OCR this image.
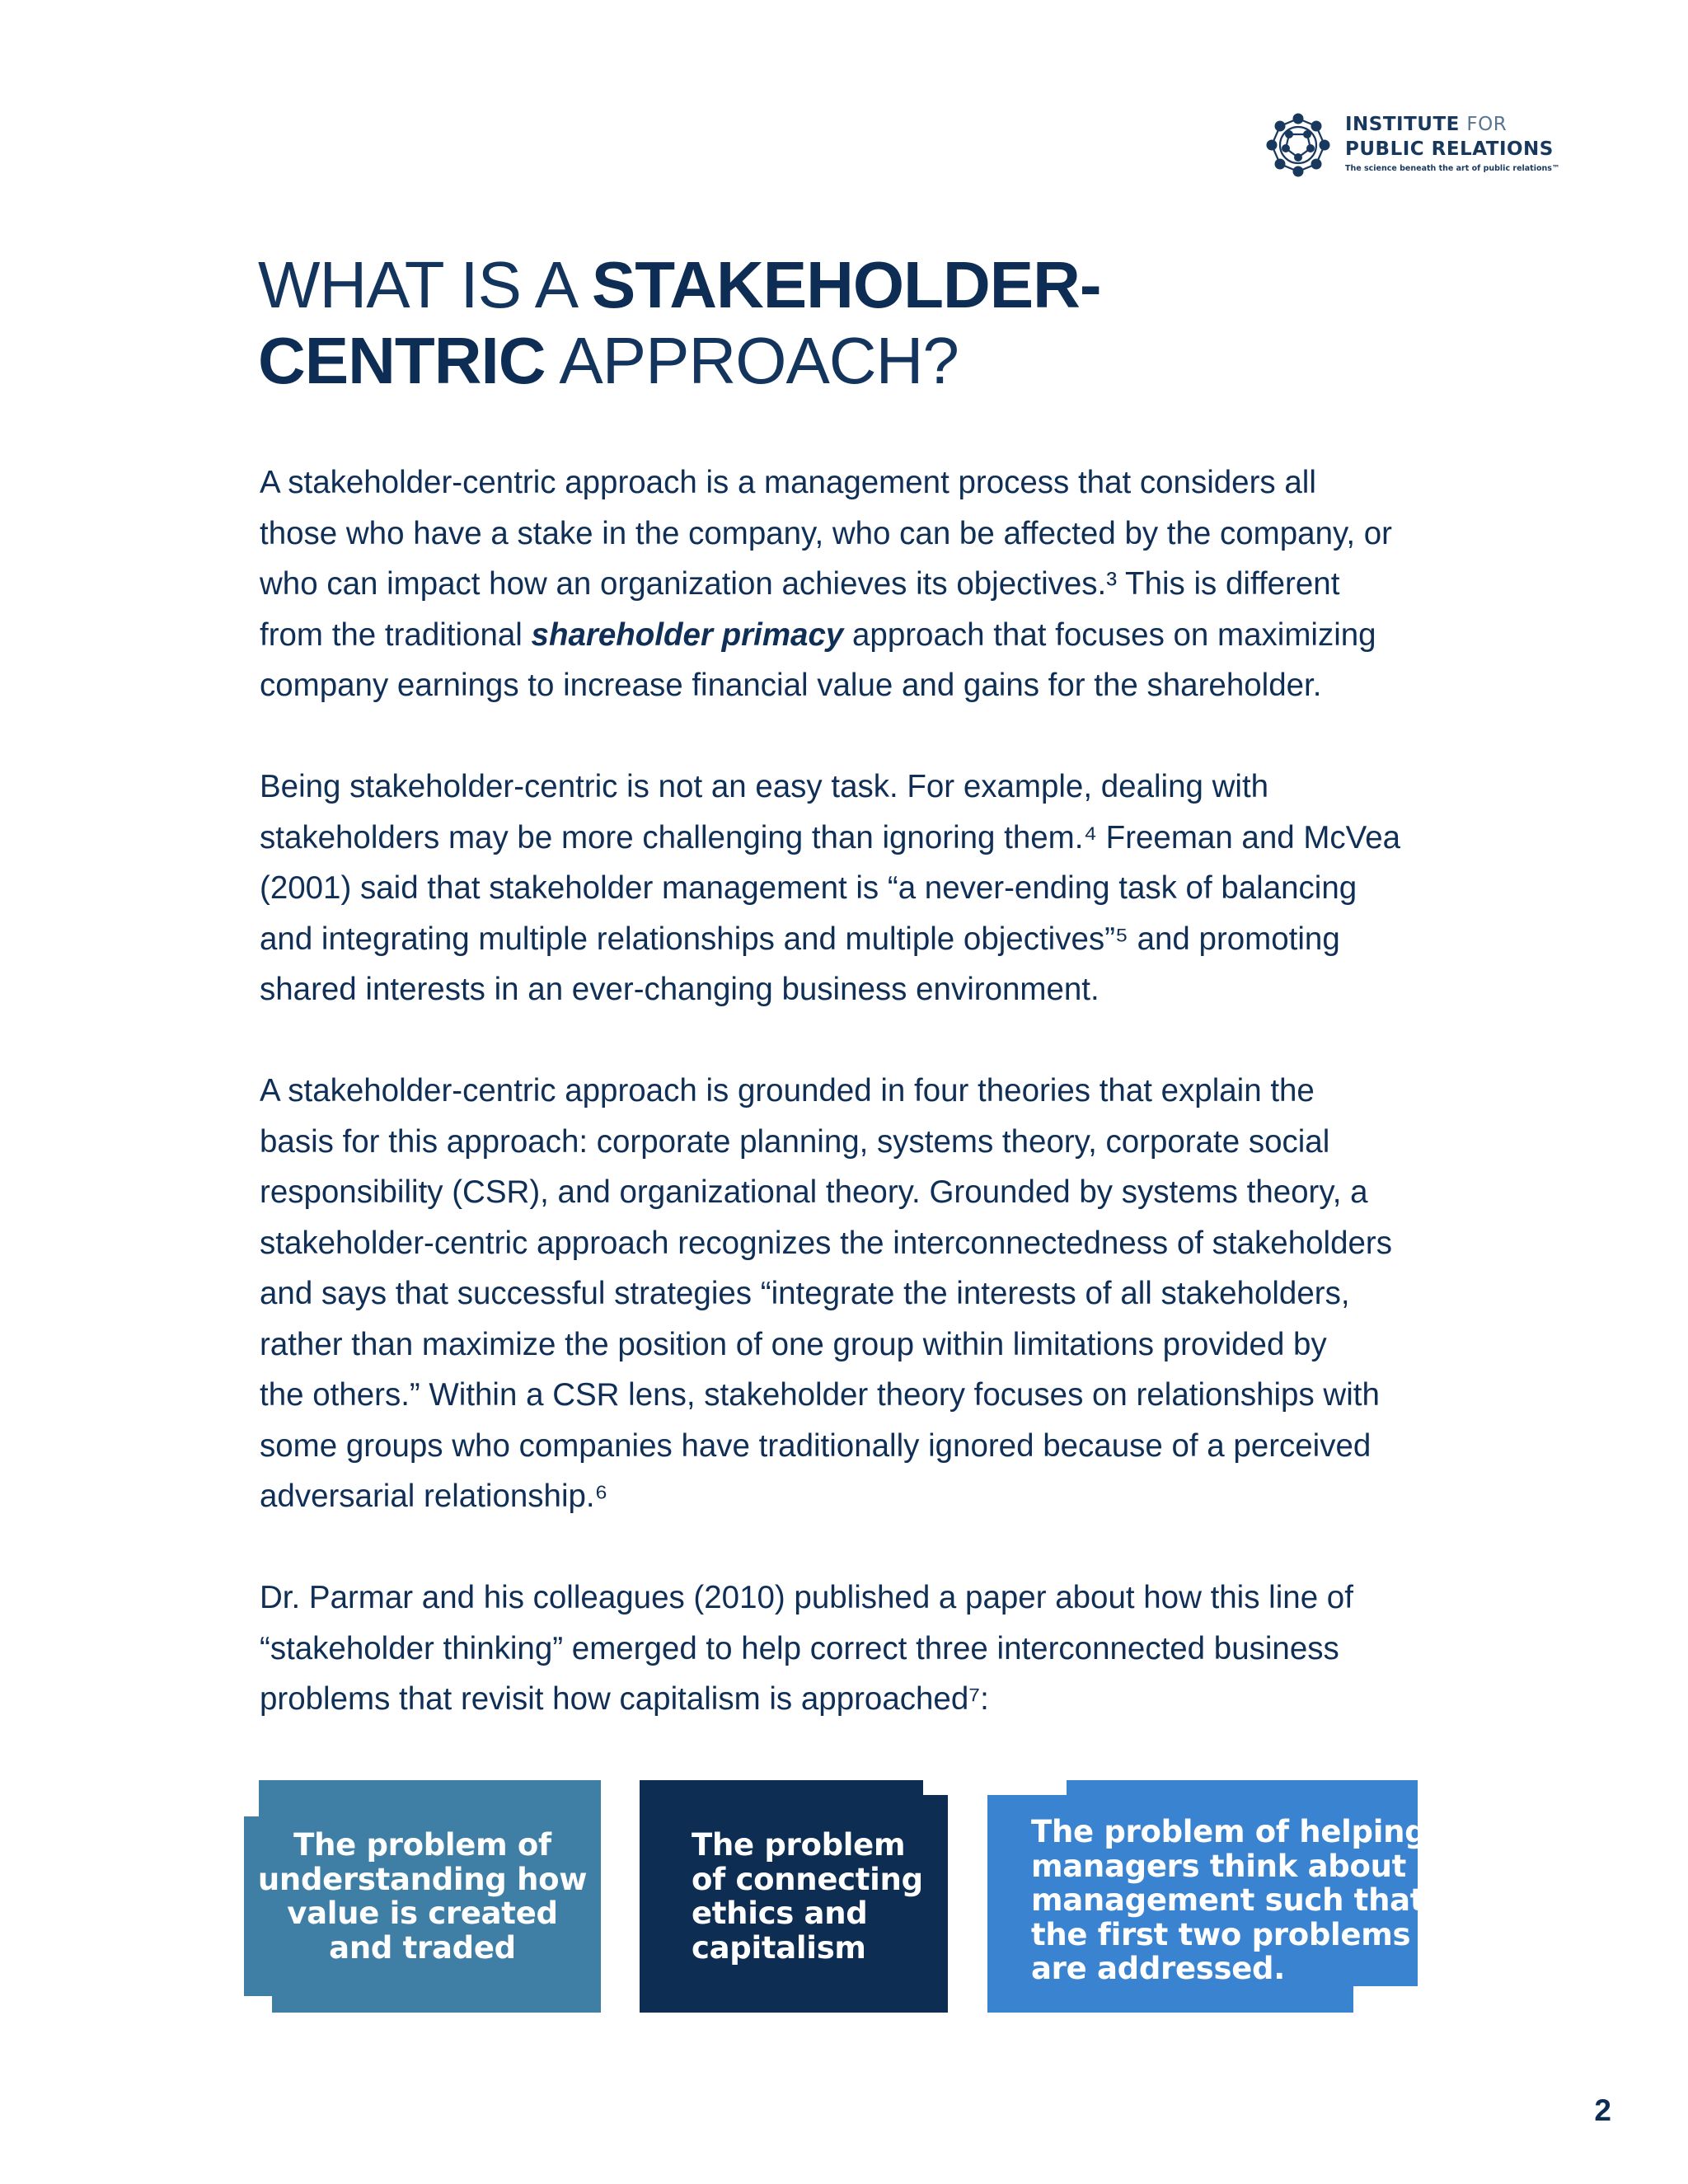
INSTITUTE FOR
PUBLIC RELATIONS
The science beneath the art of public relations™
WHAT IS A STAKEHOLDER-
CENTRIC APPROACH?

A stakeholder-centric approach is a management process that considers all
those who have a stake in the company, who can be affected by the company, or
who can impact how an organization achieves its objectives.³ This is different
from the traditional shareholder primacy approach that focuses on maximizing
company earnings to increase financial value and gains for the shareholder.

Being stakeholder-centric is not an easy task. For example, dealing with
stakeholders may be more challenging than ignoring them.⁴ Freeman and McVea
(2001) said that stakeholder management is “a never-ending task of balancing
and integrating multiple relationships and multiple objectives”⁵ and promoting
shared interests in an ever-changing business environment.

A stakeholder-centric approach is grounded in four theories that explain the
basis for this approach: corporate planning, systems theory, corporate social
responsibility (CSR), and organizational theory. Grounded by systems theory, a
stakeholder-centric approach recognizes the interconnectedness of stakeholders
and says that successful strategies “integrate the interests of all stakeholders,
rather than maximize the position of one group within limitations provided by
the others.” Within a CSR lens, stakeholder theory focuses on relationships with
some groups who companies have traditionally ignored because of a perceived
adversarial relationship.⁶

Dr. Parmar and his colleagues (2010) published a paper about how this line of
“stakeholder thinking” emerged to help correct three interconnected business
problems that revisit how capitalism is approached⁷:

The problem of
understanding how
value is created
and traded
The problem
of connecting
ethics and
capitalism
The problem of helping
managers think about
management such that
the first two problems
are addressed.
2
